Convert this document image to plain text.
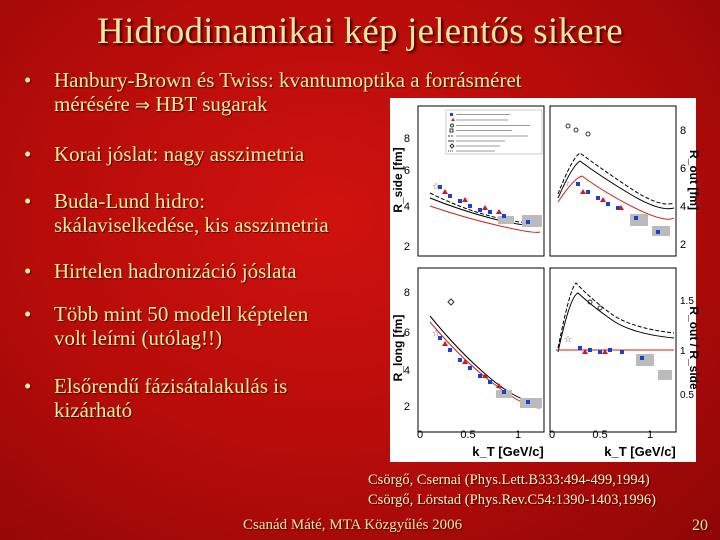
Hidrodinamikai kép jelentős sikere
• Hanbury-Brown és Twiss: kvantumoptika a forrásméret
mérésére ⇒ HBT sugarak
• Korai jóslat: nagy asszimetria
• Buda-Lund hidro:
skálaviselkedése, kis asszimetria
• Hirtelen hadronizáció jóslata
• Több mint 50 modell képtelen
volt leírni (utólag!!)
• Elsőrendű fázisátalakulás is
kizárható
☆	☆
☆
☆
8
6
4
2
8
6
4
2
8
6
4
2
1.5
1
0.5
R_side [fm]
R_long [fm]
R_out [fm]
R_out / R_side
0	0.5	1	0	0.5	1
k_T [GeV/c]	k_T [GeV/c]
Csörgő, Csernai (Phys.Lett.B333:494-499,1994)
Csörgő, Lörstad (Phys.Rev.C54:1390-1403,1996)
Csanád Máté, MTA Közgyűlés 2006	20
